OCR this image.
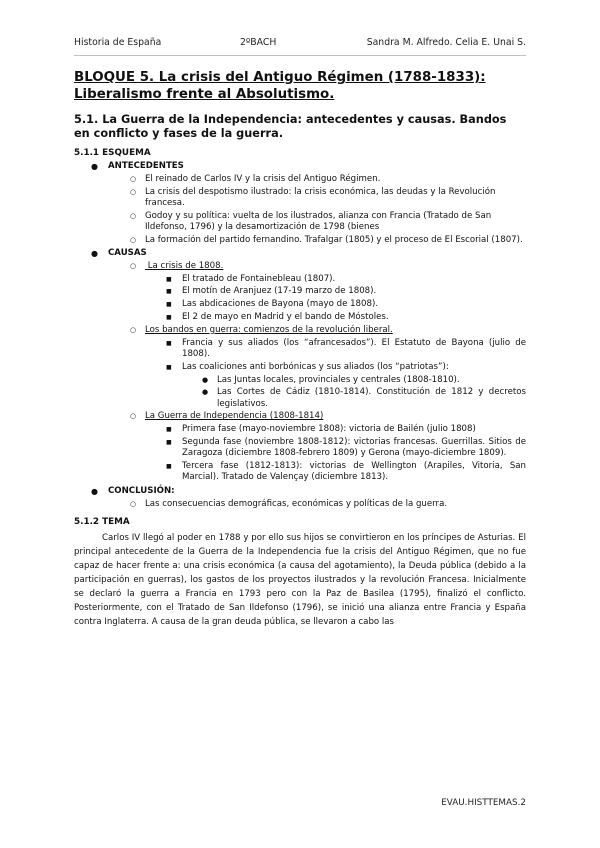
Historia de España	2ºBACH	Sandra M. Alfredo. Celia E. Unai S.
BLOQUE 5. La crisis del Antiguo Régimen (1788-1833): Liberalismo frente al Absolutismo.
5.1. La Guerra de la Independencia: antecedentes y causas. Bandos en conflicto y fases de la guerra.
5.1.1 ESQUEMA
● ANTECEDENTES
○ El reinado de Carlos IV y la crisis del Antiguo Régimen.
○ La crisis del despotismo ilustrado: la crisis económica, las deudas y la Revolución francesa.
○ Godoy y su política: vuelta de los ilustrados, alianza con Francia (Tratado de San Ildefonso, 1796) y la desamortización de 1798 (bienes
○ La formación del partido fernandino. Trafalgar (1805) y el proceso de El Escorial (1807).
● CAUSAS
○ La crisis de 1808.
■ El tratado de Fontainebleau (1807).
■ El motín de Aranjuez (17-19 marzo de 1808).
■ Las abdicaciones de Bayona (mayo de 1808).
■ El 2 de mayo en Madrid y el bando de Móstoles.
○ Los bandos en guerra: comienzos de la revolución liberal.
■ Francia y sus aliados (los “afrancesados”). El Estatuto de Bayona (julio de 1808).
■ Las coaliciones anti borbónicas y sus aliados (los “patriotas”):
● Las Juntas locales, provinciales y centrales (1808-1810).
● Las Cortes de Cádiz (1810-1814). Constitución de 1812 y decretos legislativos.
○ La Guerra de Independencia (1808-1814)
■ Primera fase (mayo-noviembre 1808): victoria de Bailén (julio 1808)
■ Segunda fase (noviembre 1808-1812): victorias francesas. Guerrillas. Sitios de Zaragoza (diciembre 1808-febrero 1809) y Gerona (mayo-diciembre 1809).
■ Tercera fase (1812-1813): victorias de Wellington (Arapiles, Vitoria, San Marcial). Tratado de Valençay (diciembre 1813).
● CONCLUSIÓN:
○ Las consecuencias demográficas, económicas y políticas de la guerra.
5.1.2 TEMA
Carlos IV llegó al poder en 1788 y por ello sus hijos se convirtieron en los príncipes de Asturias. El principal antecedente de la Guerra de la Independencia fue la crisis del Antiguo Régimen, que no fue capaz de hacer frente a: una crisis económica (a causa del agotamiento), la Deuda pública (debido a la participación en guerras), los gastos de los proyectos ilustrados y la revolución Francesa. Inicialmente se declaró la guerra a Francia en 1793 pero con la Paz de Basilea (1795), finalizó el conflicto. Posteriormente, con el Tratado de San Ildefonso (1796), se inició una alianza entre Francia y España contra Inglaterra. A causa de la gran deuda pública, se llevaron a cabo las
EVAU.HISTTEMAS.2
